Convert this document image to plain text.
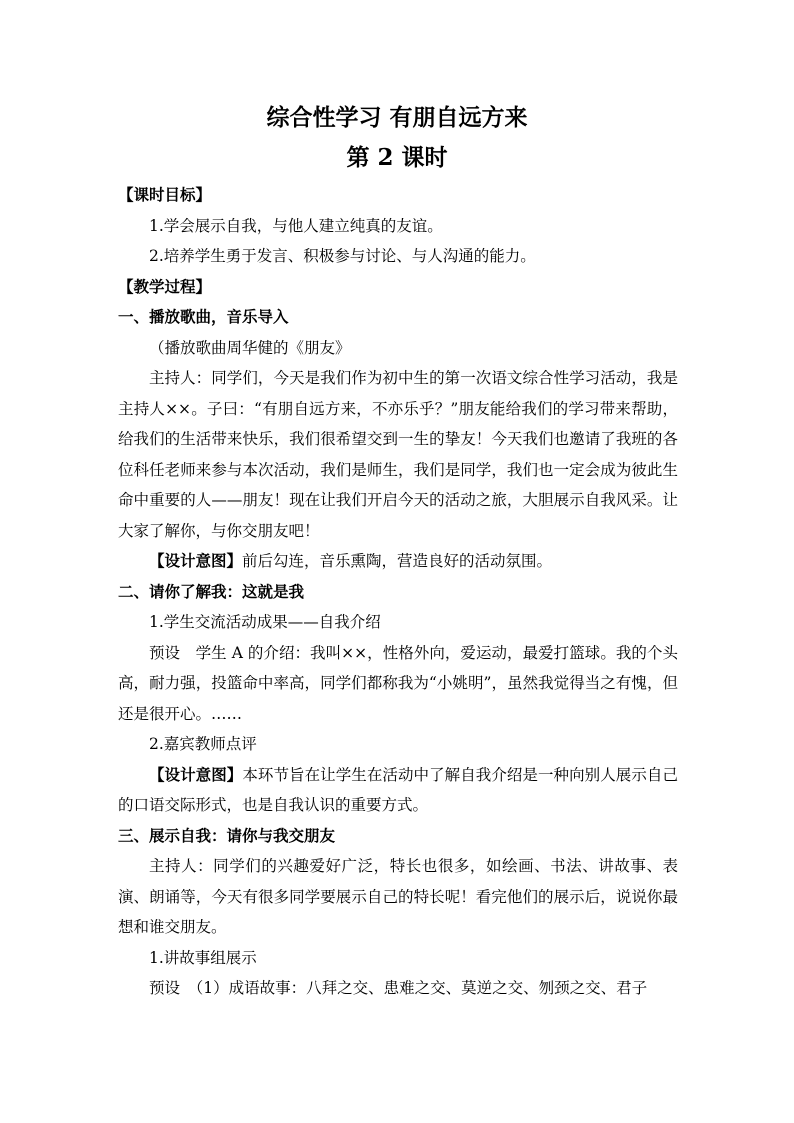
综合性学习 有朋自远方来
第 2 课时

【课时目标】

1.学会展示自我，与他人建立纯真的友谊。

2.培养学生勇于发言、积极参与讨论、与人沟通的能力。

【教学过程】

一、播放歌曲，音乐导入

（播放歌曲周华健的《朋友》

主持人：同学们，今天是我们作为初中生的第一次语文综合性学习活动，我是主持人××。子曰：“有朋自远方来，不亦乐乎？”朋友能给我们的学习带来帮助，给我们的生活带来快乐，我们很希望交到一生的挚友！今天我们也邀请了我班的各位科任老师来参与本次活动，我们是师生，我们是同学，我们也一定会成为彼此生命中重要的人——朋友！现在让我们开启今天的活动之旅，大胆展示自我风采。让大家了解你，与你交朋友吧！

【设计意图】前后勾连，音乐熏陶，营造良好的活动氛围。

二、请你了解我：这就是我

1.学生交流活动成果——自我介绍

预设　学生 A 的介绍：我叫××，性格外向，爱运动，最爱打篮球。我的个头高，耐力强，投篮命中率高，同学们都称我为“小姚明”，虽然我觉得当之有愧，但还是很开心。……

2.嘉宾教师点评

【设计意图】本环节旨在让学生在活动中了解自我介绍是一种向别人展示自己的口语交际形式，也是自我认识的重要方式。

三、展示自我：请你与我交朋友

主持人：同学们的兴趣爱好广泛，特长也很多，如绘画、书法、讲故事、表演、朗诵等，今天有很多同学要展示自己的特长呢！看完他们的展示后，说说你最想和谁交朋友。

1.讲故事组展示

预设　（1）成语故事：八拜之交、患难之交、莫逆之交、刎颈之交、君子
